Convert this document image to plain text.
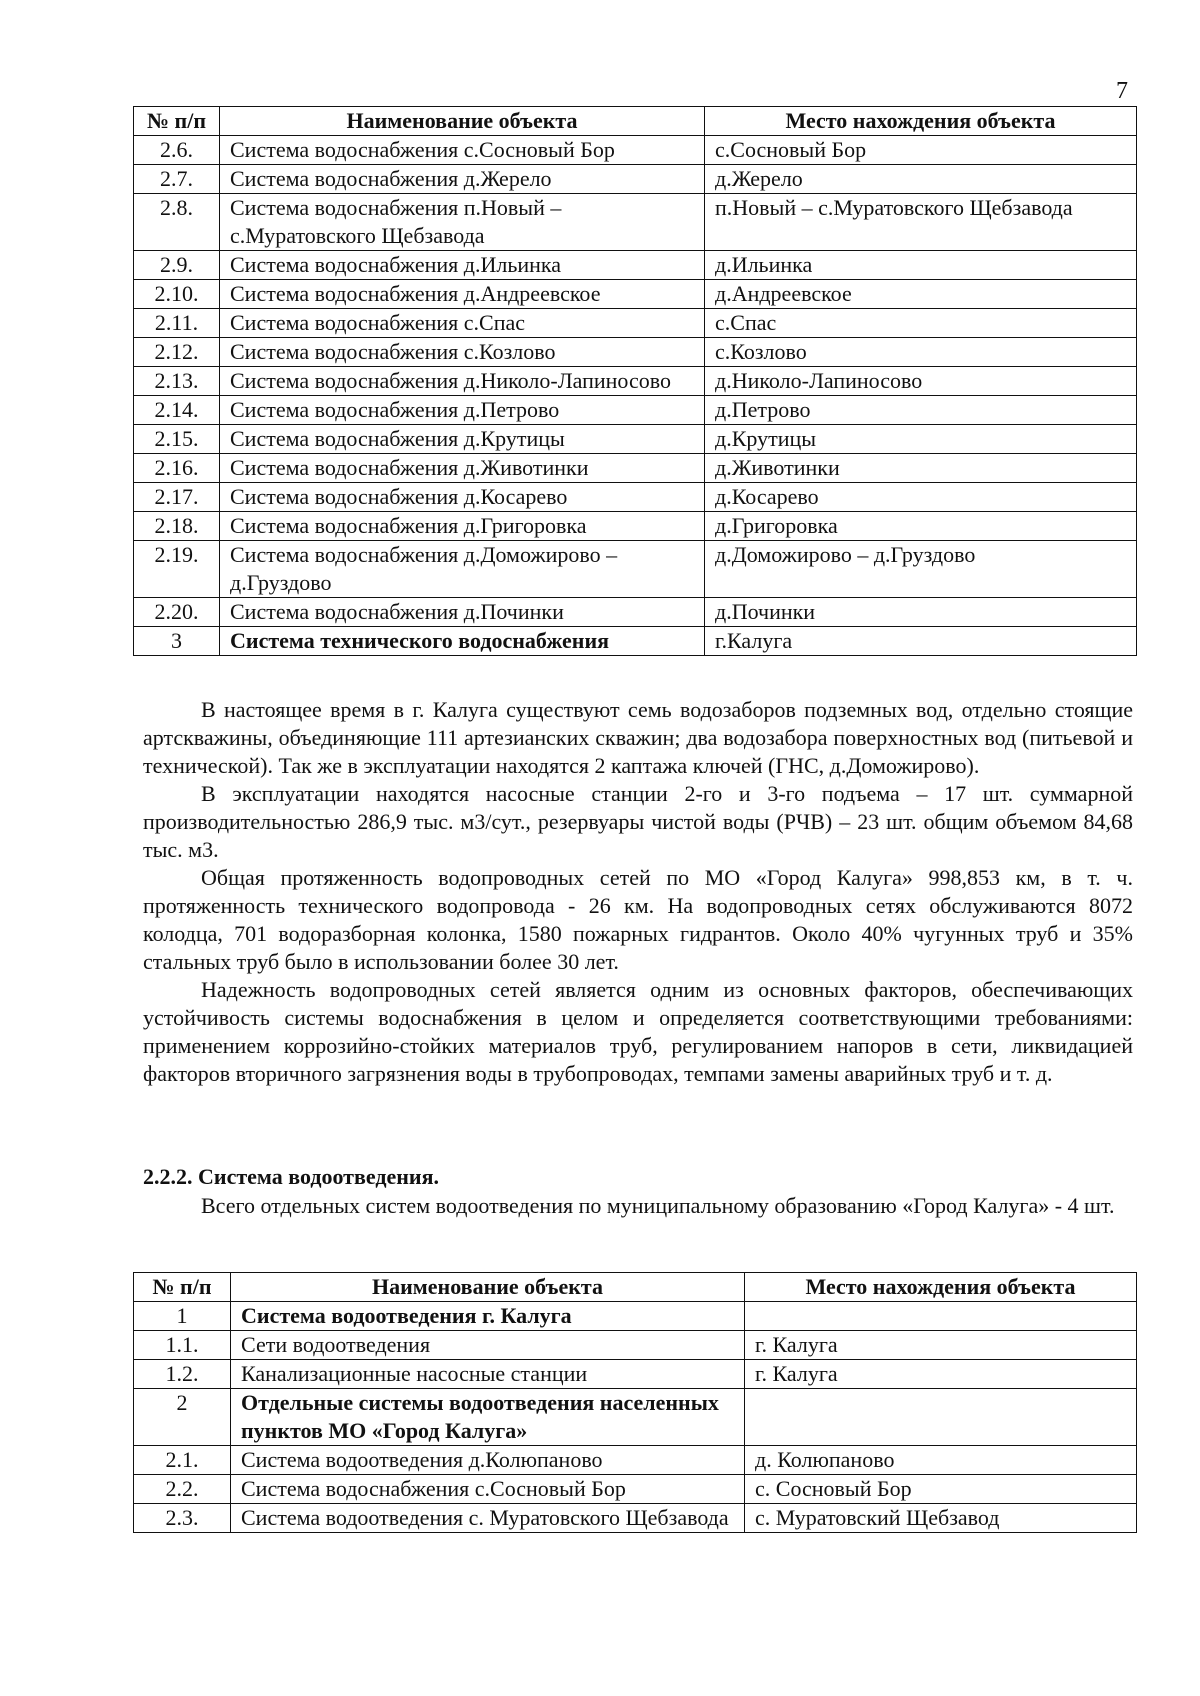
7
№ п/п	Наименование объекта	Место нахождения объекта
2.6.	Система водоснабжения с.Сосновый Бор	с.Сосновый Бор
2.7.	Система водоснабжения д.Жерело	д.Жерело
2.8.	Система водоснабжения п.Новый – с.Муратовского Щебзавода	п.Новый – с.Муратовского Щебзавода
2.9.	Система водоснабжения д.Ильинка	д.Ильинка
2.10.	Система водоснабжения д.Андреевское	д.Андреевское
2.11.	Система водоснабжения с.Спас	с.Спас
2.12.	Система водоснабжения с.Козлово	с.Козлово
2.13.	Система водоснабжения д.Николо-Лапиносово	д.Николо-Лапиносово
2.14.	Система водоснабжения д.Петрово	д.Петрово
2.15.	Система водоснабжения д.Крутицы	д.Крутицы
2.16.	Система водоснабжения д.Животинки	д.Животинки
2.17.	Система водоснабжения д.Косарево	д.Косарево
2.18.	Система водоснабжения д.Григоровка	д.Григоровка
2.19.	Система водоснабжения д.Доможирово – д.Груздово	д.Доможирово – д.Груздово
2.20.	Система водоснабжения д.Починки	д.Починки
3	Система технического водоснабжения	г.Калуга

В настоящее время в г. Калуга существуют семь водозаборов подземных вод, отдельно стоящие артскважины, объединяющие 111 артезианских скважин; два водозабора поверхностных вод (питьевой и технической). Так же в эксплуатации находятся 2 каптажа ключей (ГНС, д.Доможирово).

В эксплуатации находятся насосные станции 2-го и 3-го подъема – 17 шт. суммарной производительностью 286,9 тыс. м3/сут., резервуары чистой воды (РЧВ) – 23 шт. общим объемом 84,68 тыс. м3.

Общая протяженность водопроводных сетей по МО «Город Калуга» 998,853 км, в т. ч. протяженность технического водопровода - 26 км. На водопроводных сетях обслуживаются 8072 колодца, 701 водоразборная колонка, 1580 пожарных гидрантов. Около 40% чугунных труб и 35% стальных труб было в использовании более 30 лет.

Надежность водопроводных сетей является одним из основных факторов, обеспечивающих устойчивость системы водоснабжения в целом и определяется соответствующими требованиями: применением коррозийно-стойких материалов труб, регулированием напоров в сети, ликвидацией факторов вторичного загрязнения воды в трубопроводах, темпами замены аварийных труб и т. д.

2.2.2. Система водоотведения.

Всего отдельных систем водоотведения по муниципальному образованию «Город Калуга» - 4 шт.

№ п/п	Наименование объекта	Место нахождения объекта
1	Система водоотведения г. Калуга	
1.1.	Сети водоотведения	г. Калуга
1.2.	Канализационные насосные станции	г. Калуга
2	Отдельные системы водоотведения населенных пунктов МО «Город Калуга»	
2.1.	Система водоотведения д.Колюпаново	д. Колюпаново
2.2.	Система водоснабжения с.Сосновый Бор	с. Сосновый Бор
2.3.	Система водоотведения с. Муратовского Щебзавода	с. Муратовский Щебзавод
